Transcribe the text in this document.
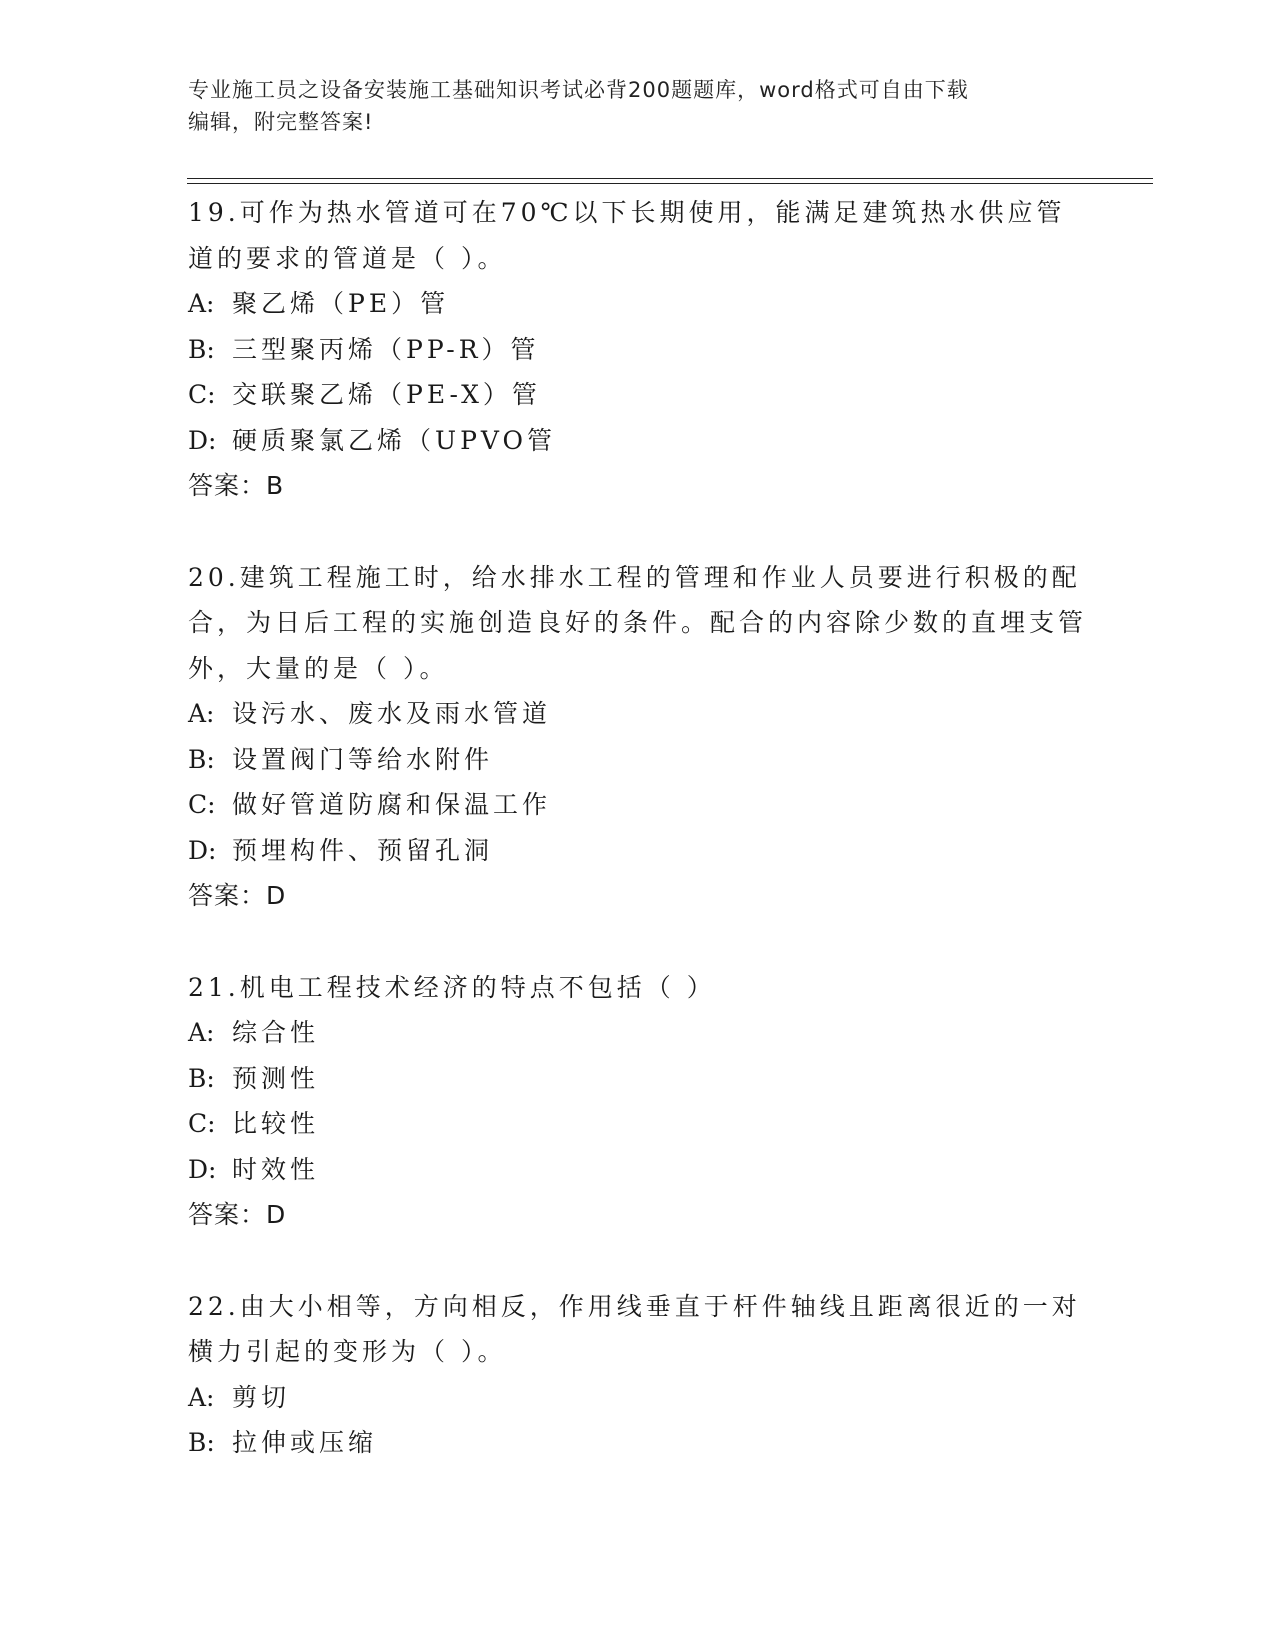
专业施工员之设备安装施工基础知识考试必背200题题库，word格式可自由下载
编辑，附完整答案!

19.可作为热水管道可在70℃以下长期使用，能满足建筑热水供应管道的要求的管道是（ ）。

A: 聚乙烯（PE）管

B: 三型聚丙烯（PP-R）管

C: 交联聚乙烯（PE-X）管

D: 硬质聚氯乙烯（UPVO管

答案：B

20.建筑工程施工时，给水排水工程的管理和作业人员要进行积极的配合，为日后工程的实施创造良好的条件。配合的内容除少数的直埋支管外，大量的是（ ）。

A: 设污水、废水及雨水管道

B: 设置阀门等给水附件

C: 做好管道防腐和保温工作

D: 预埋构件、预留孔洞

答案：D

21.机电工程技术经济的特点不包括（ ）

A: 综合性

B: 预测性

C: 比较性

D: 时效性

答案：D

22.由大小相等，方向相反，作用线垂直于杆件轴线且距离很近的一对横力引起的变形为（ ）。

A: 剪切

B: 拉伸或压缩
